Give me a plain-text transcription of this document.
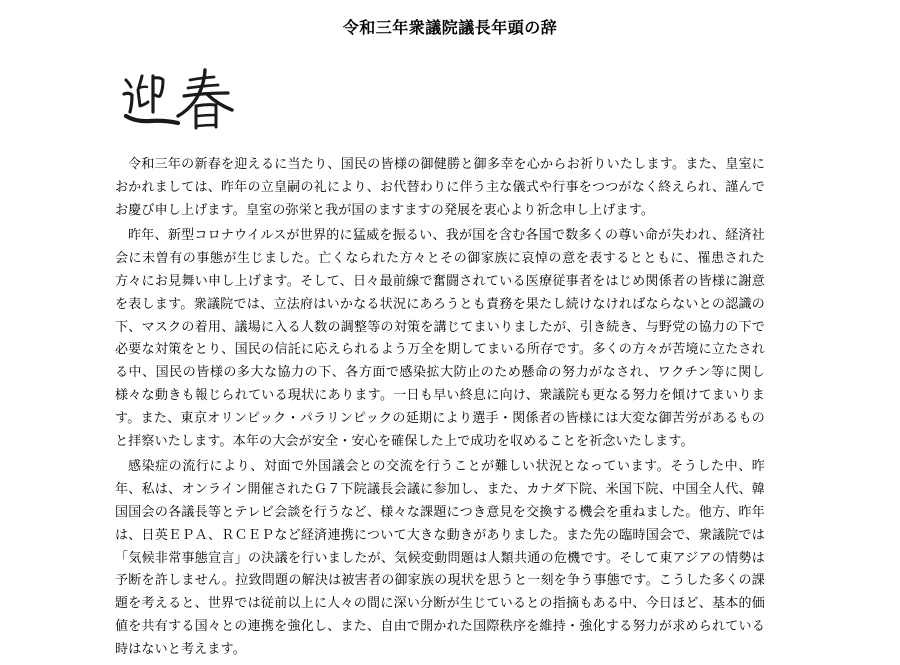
令和三年衆議院議長年頭の辞

令和三年の新春を迎えるに当たり、国民の皆様の御健勝と御多幸を心からお祈りいたします。また、皇室におかれましては、昨年の立皇嗣の礼により、お代替わりに伴う主な儀式や行事をつつがなく終えられ、謹んでお慶び申し上げます。皇室の弥栄と我が国のますますの発展を衷心より祈念申し上げます。

昨年、新型コロナウイルスが世界的に猛威を振るい、我が国を含む各国で数多くの尊い命が失われ、経済社会に未曽有の事態が生じました。亡くなられた方々とその御家族に哀悼の意を表するとともに、罹患された方々にお見舞い申し上げます。そして、日々最前線で奮闘されている医療従事者をはじめ関係者の皆様に謝意を表します。衆議院では、立法府はいかなる状況にあろうとも責務を果たし続けなければならないとの認識の下、マスクの着用、議場に入る人数の調整等の対策を講じてまいりましたが、引き続き、与野党の協力の下で必要な対策をとり、国民の信託に応えられるよう万全を期してまいる所存です。多くの方々が苦境に立たされる中、国民の皆様の多大な協力の下、各方面で感染拡大防止のため懸命の努力がなされ、ワクチン等に関し様々な動きも報じられている現状にあります。一日も早い終息に向け、衆議院も更なる努力を傾けてまいります。また、東京オリンピック・パラリンピックの延期により選手・関係者の皆様には大変な御苦労があるものと拝察いたします。本年の大会が安全・安心を確保した上で成功を収めることを祈念いたします。

感染症の流行により、対面で外国議会との交流を行うことが難しい状況となっています。そうした中、昨年、私は、オンライン開催されたＧ７下院議長会議に参加し、また、カナダ下院、米国下院、中国全人代、韓国国会の各議長等とテレビ会談を行うなど、様々な課題につき意見を交換する機会を重ねました。他方、昨年は、日英ＥＰＡ、ＲＣＥＰなど経済連携について大きな動きがありました。また先の臨時国会で、衆議院では「気候非常事態宣言」の決議を行いましたが、気候変動問題は人類共通の危機です。そして東アジアの情勢は予断を許しません。拉致問題の解決は被害者の御家族の現状を思うと一刻を争う事態です。こうした多くの課題を考えると、世界では従前以上に人々の間に深い分断が生じているとの指摘もある中、今日ほど、基本的価値を共有する国々との連携を強化し、また、自由で開かれた国際秩序を維持・強化する努力が求められている時はないと考えます。
